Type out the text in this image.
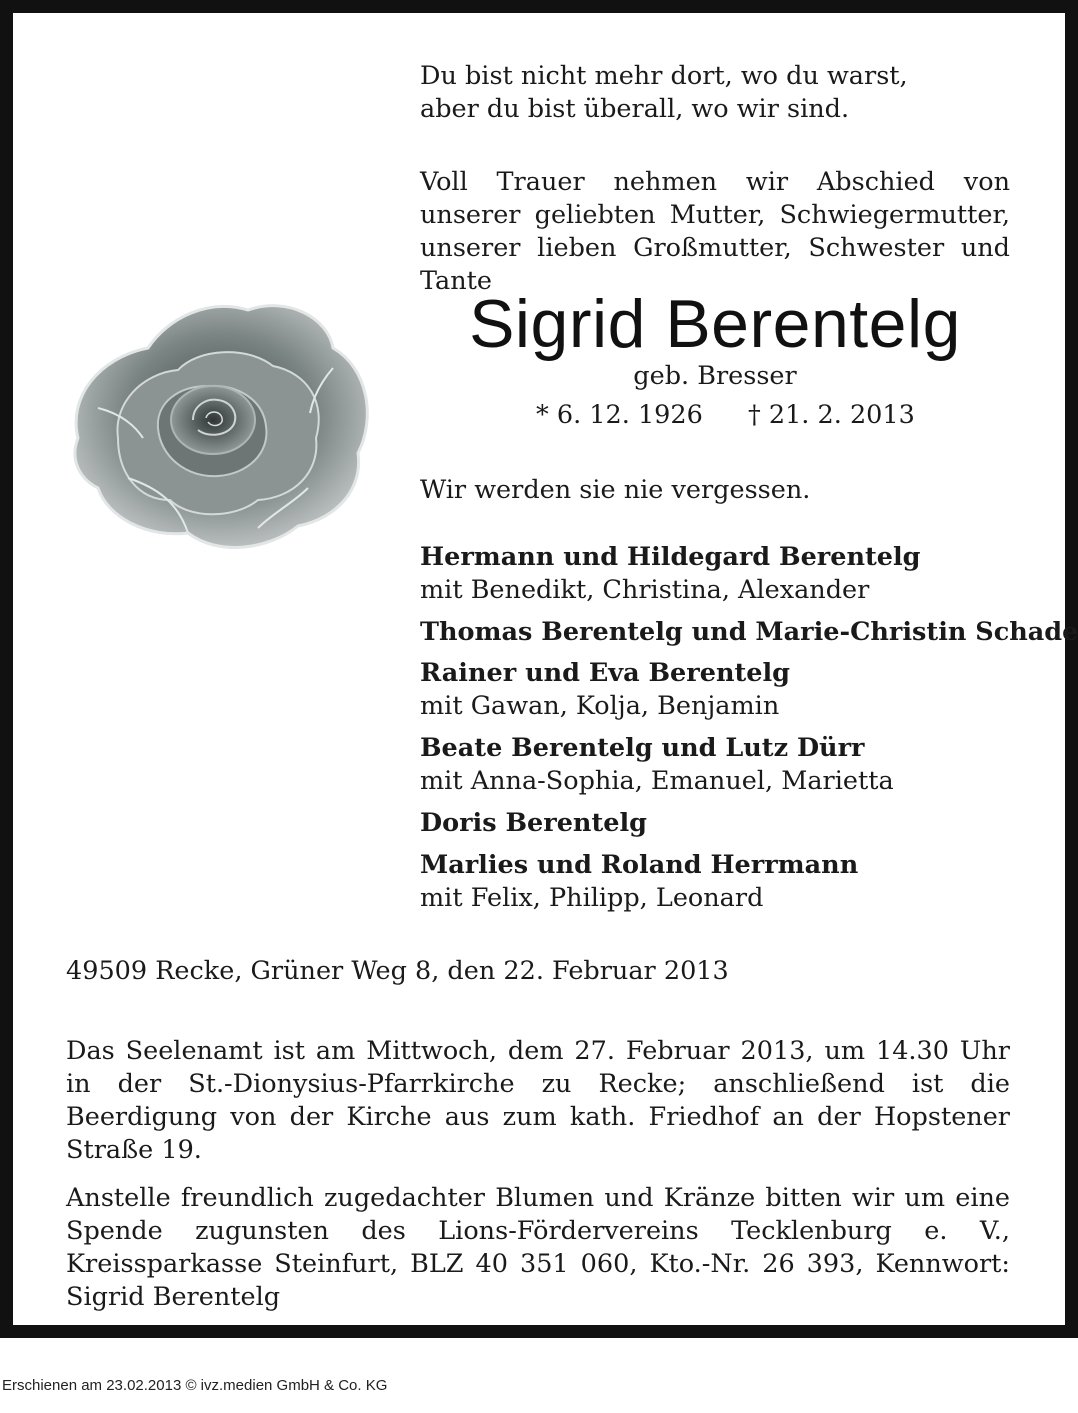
Du bist nicht mehr dort, wo du warst,
aber du bist überall, wo wir sind.
Voll Trauer nehmen wir Abschied von unserer geliebten Mutter, Schwiegermutter, unserer lieben Großmutter, Schwester und Tante
Sigrid Berentelg
geb. Bresser
* 6. 12. 1926 † 21. 2. 2013
Wir werden sie nie vergessen.
Hermann und Hildegard Berentelg
mit Benedikt, Christina, Alexander
Thomas Berentelg und Marie-Christin Schade
Rainer und Eva Berentelg
mit Gawan, Kolja, Benjamin
Beate Berentelg und Lutz Dürr
mit Anna-Sophia, Emanuel, Marietta
Doris Berentelg
Marlies und Roland Herrmann
mit Felix, Philipp, Leonard
49509 Recke, Grüner Weg 8, den 22. Februar 2013
Das Seelenamt ist am Mittwoch, dem 27. Februar 2013, um 14.30 Uhr in der St.-Dionysius-Pfarrkirche zu Recke; anschließend ist die Beerdigung von der Kirche aus zum kath. Friedhof an der Hopstener Straße 19.
Anstelle freundlich zugedachter Blumen und Kränze bitten wir um eine Spende zugunsten des Lions-Fördervereins Tecklenburg e. V., Kreissparkasse Steinfurt, BLZ 40 351 060, Kto.-Nr. 26 393, Kennwort: Sigrid Berentelg
Erschienen am 23.02.2013 © ivz.medien GmbH & Co. KG
